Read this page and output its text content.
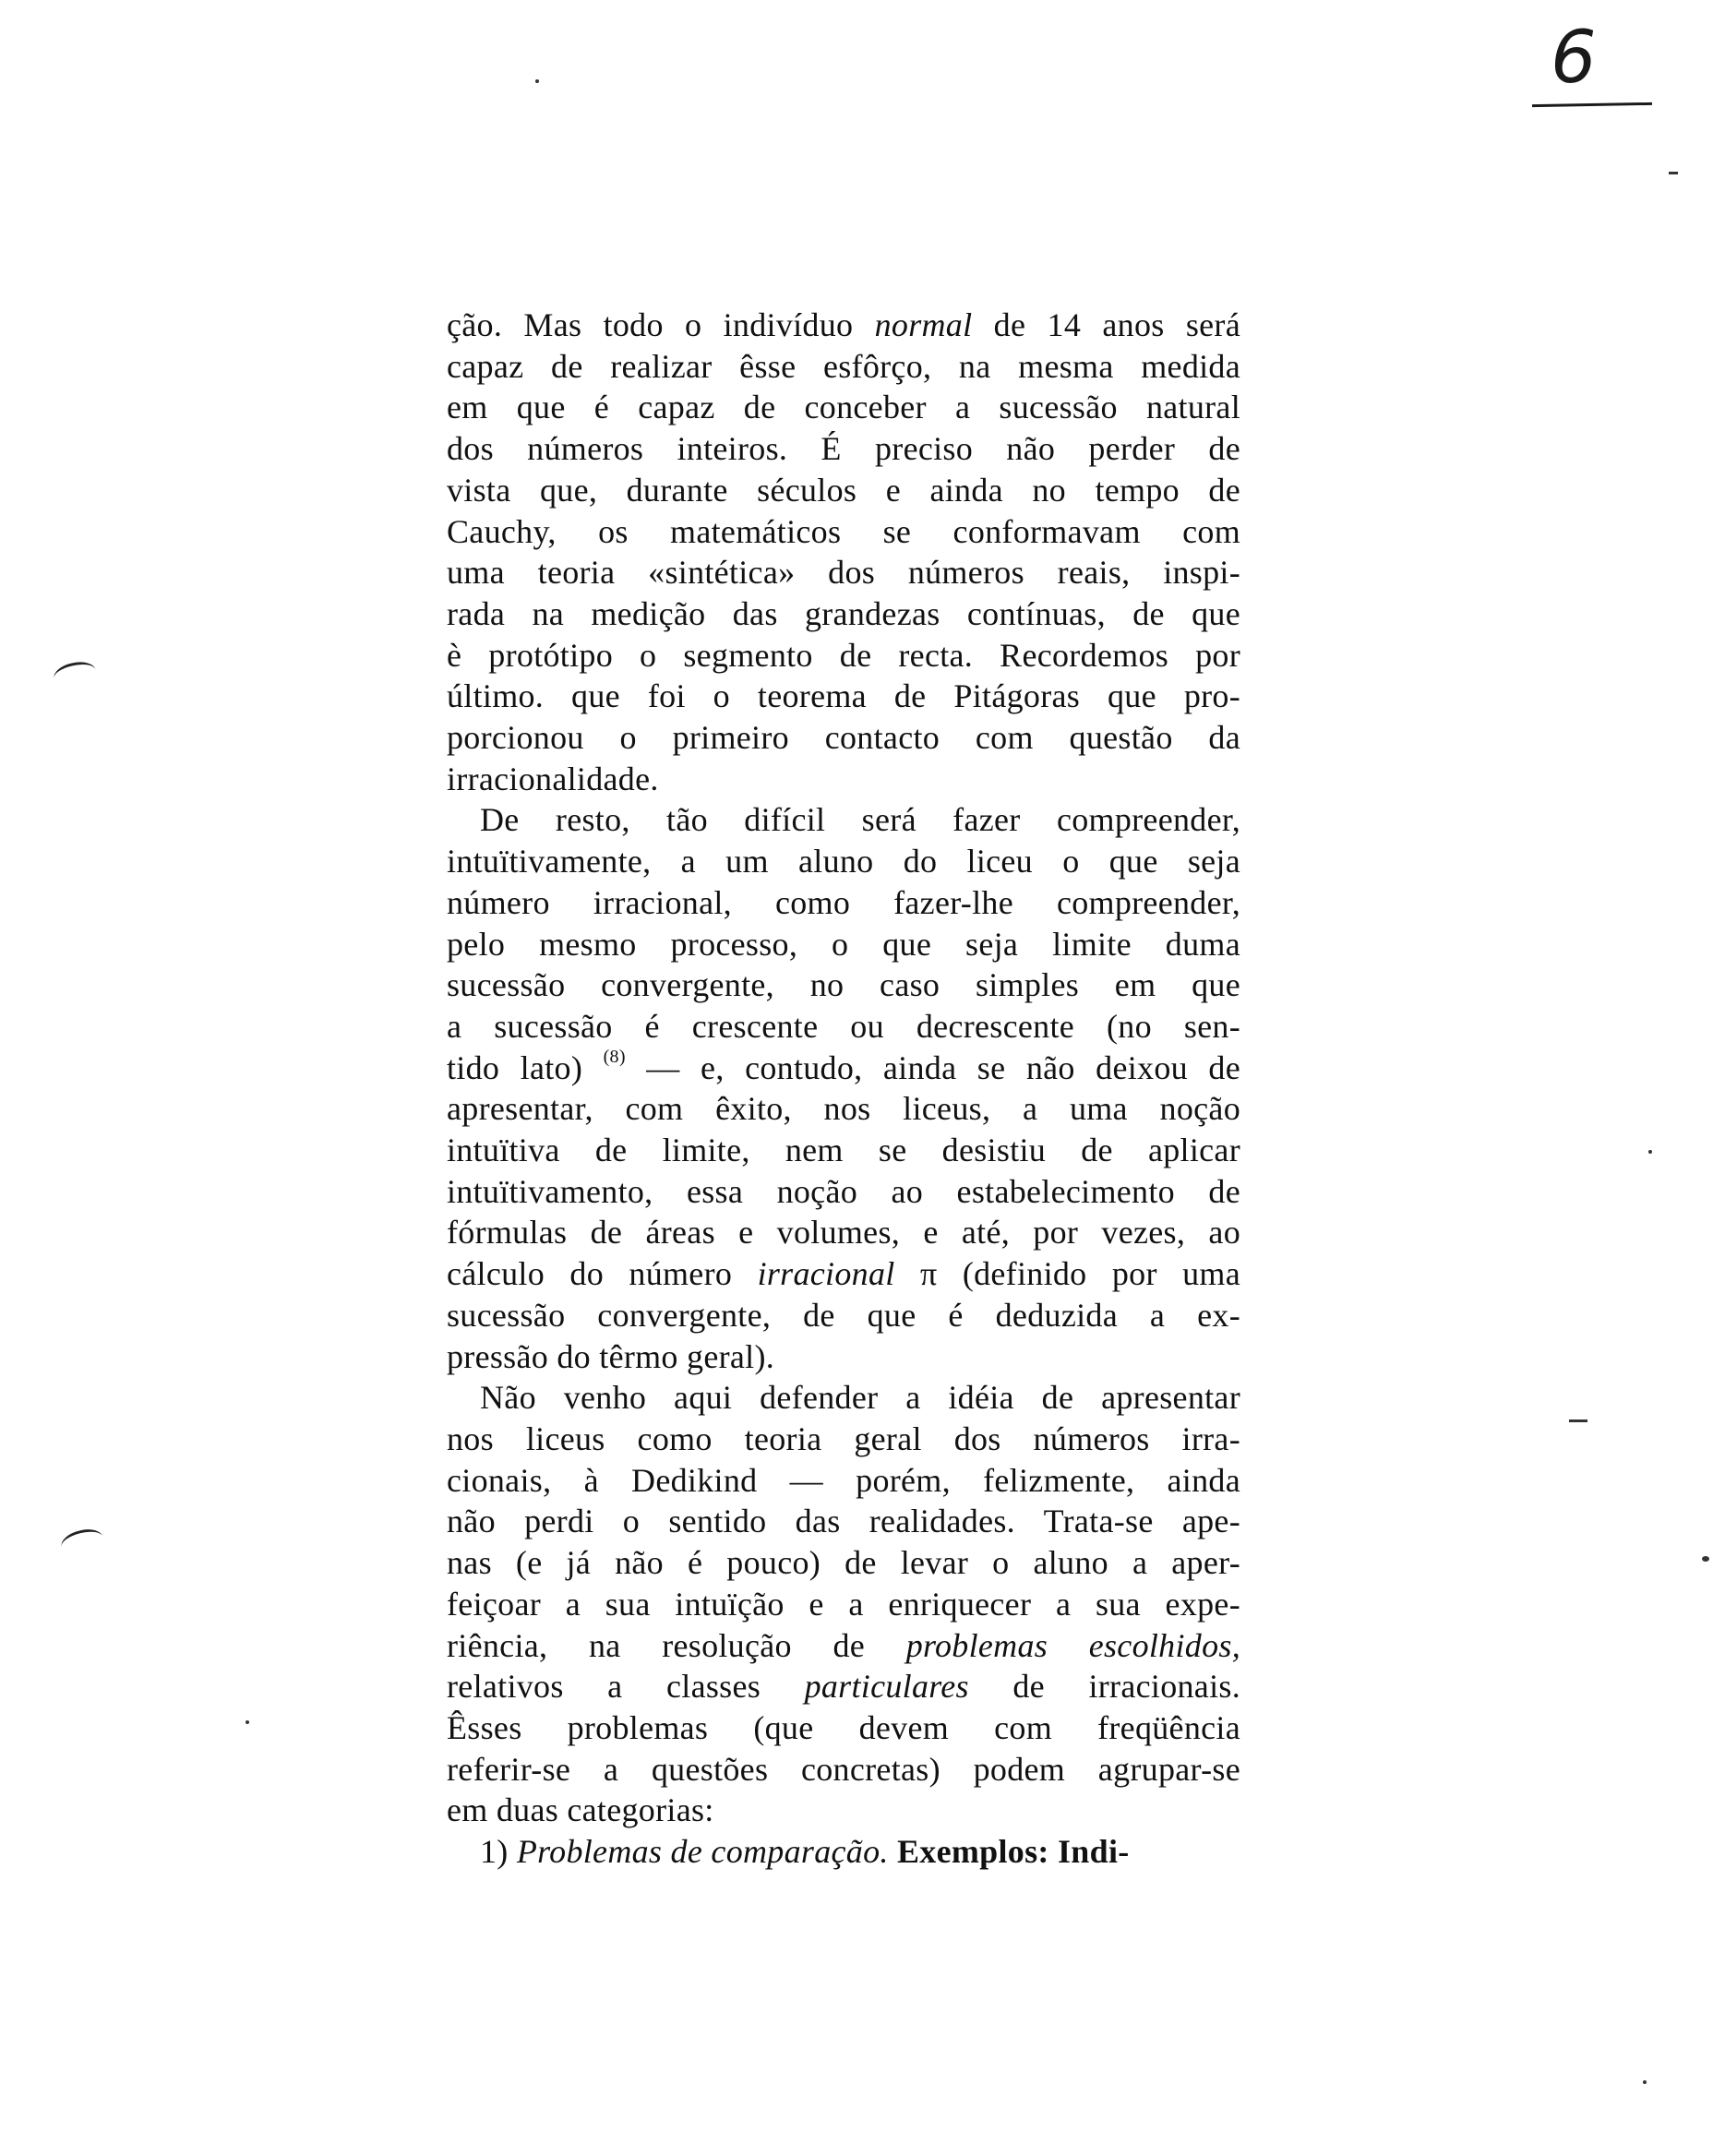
6
ção. Mas todo o indivíduo normal de 14 anos será
capaz de realizar êsse esfôrço, na mesma medida
em que é capaz de conceber a sucessão natural
dos números inteiros. É preciso não perder de
vista que, durante séculos e ainda no tempo de
Cauchy, os matemáticos se conformavam com
uma teoria «sintética» dos números reais, inspi-
rada na medição das grandezas contínuas, de que
è protótipo o segmento de recta. Recordemos por
último. que foi o teorema de Pitágoras que pro-
porcionou o primeiro contacto com questão da
irracionalidade.
De resto, tão difícil será fazer compreender,
intuïtivamente, a um aluno do liceu o que seja
número irracional, como fazer-lhe compreender,
pelo mesmo processo, o que seja limite duma
sucessão convergente, no caso simples em que
a sucessão é crescente ou decrescente (no sen-
tido lato) $^{(8)}$ — e, contudo, ainda se não deixou de
apresentar, com êxito, nos liceus, a uma noção
intuïtiva de limite, nem se desistiu de aplicar
intuïtivamento, essa noção ao estabelecimento de
fórmulas de áreas e volumes, e até, por vezes, ao
cálculo do número irracional π (definido por uma
sucessão convergente, de que é deduzida a ex-
pressão do têrmo geral).
Não venho aqui defender a idéia de apresentar
nos liceus como teoria geral dos números irra-
cionais, à Dedikind — porém, felizmente, ainda
não perdi o sentido das realidades. Trata-se ape-
nas (e já não é pouco) de levar o aluno a aper-
feiçoar a sua intuïção e a enriquecer a sua expe-
riência, na resolução de problemas escolhidos,
relativos a classes particulares de irracionais.
Êsses problemas (que devem com freqüência
referir-se a questões concretas) podem agrupar-se
em duas categorias:
1) Problemas de comparação. Exemplos: Indi-
